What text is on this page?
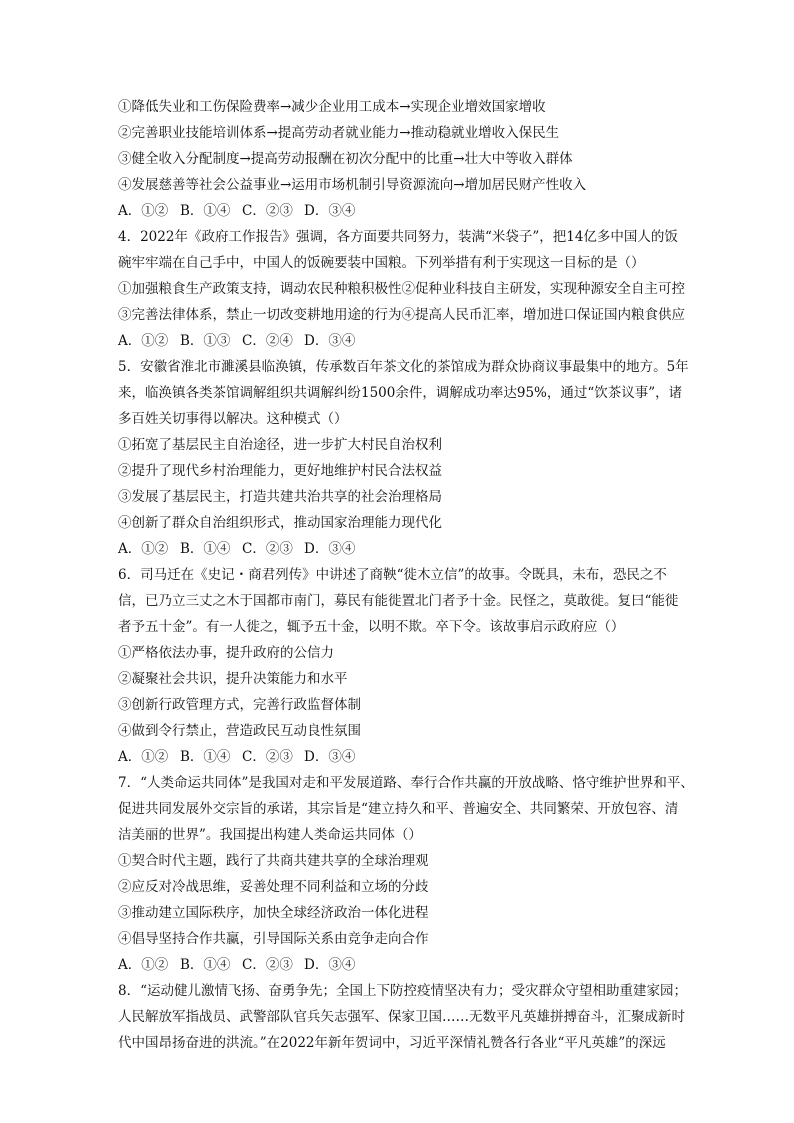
①降低失业和工伤保险费率→减少企业用工成本→实现企业增效国家增收
②完善职业技能培训体系→提高劳动者就业能力→推动稳就业增收入保民生
③健全收入分配制度→提高劳动报酬在初次分配中的比重→壮大中等收入群体
④发展慈善等社会公益事业→运用市场机制引导资源流向→增加居民财产性收入
A．①② B．①④ C．②③ D．③④
4．2022年《政府工作报告》强调，各方面要共同努力，装满“米袋子”，把14亿多中国人的饭
碗牢牢端在自己手中，中国人的饭碗要装中国粮。下列举措有利于实现这一目标的是（）
①加强粮食生产政策支持，调动农民种粮积极性②促种业科技自主研发，实现种源安全自主可控
③完善法律体系，禁止一切改变耕地用途的行为④提高人民币汇率，增加进口保证国内粮食供应
A．①② B．①③ C．②④ D．③④
5．安徽省淮北市濉溪县临涣镇，传承数百年茶文化的茶馆成为群众协商议事最集中的地方。5年
来，临涣镇各类茶馆调解组织共调解纠纷1500余件，调解成功率达95%，通过“饮茶议事”，诸
多百姓关切事得以解决。这种模式（）
①拓宽了基层民主自治途径，进一步扩大村民自治权利
②提升了现代乡村治理能力，更好地维护村民合法权益
③发展了基层民主，打造共建共治共享的社会治理格局
④创新了群众自治组织形式，推动国家治理能力现代化
A．①② B．①④ C．②③ D．③④
6．司马迁在《史记・商君列传》中讲述了商鞅“徙木立信”的故事。令既具，未布，恐民之不
信，已乃立三丈之木于国都市南门，募民有能徙置北门者予十金。民怪之，莫敢徙。复曰“能徙
者予五十金”。有一人徙之，辄予五十金，以明不欺。卒下令。该故事启示政府应（）
①严格依法办事，提升政府的公信力
②凝聚社会共识，提升决策能力和水平
③创新行政管理方式，完善行政监督体制
④做到令行禁止，营造政民互动良性氛围
A．①② B．①④ C．②③ D．③④
7．“人类命运共同体”是我国对走和平发展道路、奉行合作共赢的开放战略、恪守维护世界和平、
促进共同发展外交宗旨的承诺，其宗旨是“建立持久和平、普遍安全、共同繁荣、开放包容、清
洁美丽的世界”。我国提出构建人类命运共同体（）
①契合时代主题，践行了共商共建共享的全球治理观
②应反对冷战思维，妥善处理不同利益和立场的分歧
③推动建立国际秩序，加快全球经济政治一体化进程
④倡导坚持合作共赢，引导国际关系由竞争走向合作
A．①② B．①④ C．②③ D．③④
8．“运动健儿激情飞扬、奋勇争先；全国上下防控疫情坚决有力；受灾群众守望相助重建家园；
人民解放军指战员、武警部队官兵矢志强军、保家卫国……无数平凡英雄拼搏奋斗，汇聚成新时
代中国昂扬奋进的洪流。”在2022年新年贺词中，习近平深情礼赞各行各业“平凡英雄”的深远
